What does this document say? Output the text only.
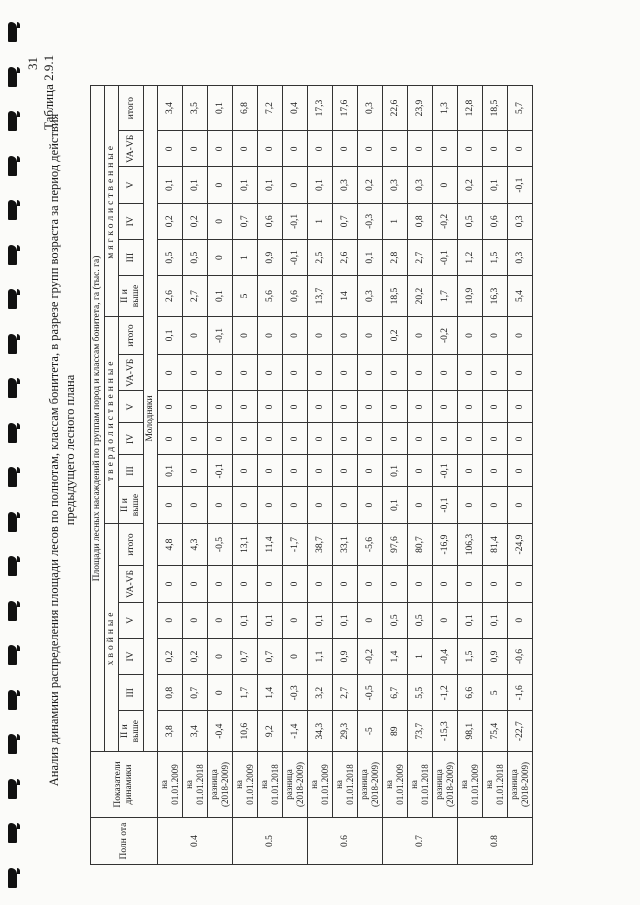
31 Таблица 2.9.1
Анализ динамики распределения площади лесов по полнотам, классам бонитета, в разрезе групп возраста за период действия предыдущего лесного плана
Полн ота	Показатели динамики	Площади лесных насаждений по группам пород и классам бонитета, га (тыс. га)																	
		хвойные						твердолиственные						мягколиственные					
		II и выше	III	IV	V	VA-VБ	итого	II и выше	III	IV	V	VA-VБ	итого	II и выше	III	IV	V	VA-VБ	итого
		Молодняки																	
0.4	на 01.01.2009	3,8	0,8	0,2	0	0	4,8	0	0,1	0	0	0	0,1	2,6	0,5	0,2	0,1	0	3,4

	на 01.01.2018	3,4	0,7	0,2	0	0	4,3	0	0	0	0	0	0	2,7	0,5	0,2	0,1	0	3,5

	разница (2018-2009)	-0,4	0	0	0	0	-0,5	0	-0,1	0	0	0	-0,1	0,1	0	0	0	0	0,1
0.5	на 01.01.2009	10,6	1,7	0,7	0,1	0	13,1	0	0	0	0	0	0	5	1	0,7	0,1	0	6,8

	на 01.01.2018	9,2	1,4	0,7	0,1	0	11,4	0	0	0	0	0	0	5,6	0,9	0,6	0,1	0	7,2

	разница (2018-2009)	-1,4	-0,3	0	0	0	-1,7	0	0	0	0	0	0	0,6	-0,1	-0,1	0	0	0,4
0.6	на 01.01.2009	34,3	3,2	1,1	0,1	0	38,7	0	0	0	0	0	0	13,7	2,5	1	0,1	0	17,3

	на 01.01.2018	29,3	2,7	0,9	0,1	0	33,1	0	0	0	0	0	0	14	2,6	0,7	0,3	0	17,6

	разница (2018-2009)	-5	-0,5	-0,2	0	0	-5,6	0	0	0	0	0	0	0,3	0,1	-0,3	0,2	0	0,3
0.7	на 01.01.2009	89	6,7	1,4	0,5	0	97,6	0,1	0,1	0	0	0	0,2	18,5	2,8	1	0,3	0	22,6

	на 01.01.2018	73,7	5,5	1	0,5	0	80,7	0	0	0	0	0	0	20,2	2,7	0,8	0,3	0	23,9

	разница (2018-2009)	-15,3	-1,2	-0,4	0	0	-16,9	-0,1	-0,1	0	0	0	-0,2	1,7	-0,1	-0,2	0	0	1,3
0.8	на 01.01.2009	98,1	6,6	1,5	0,1	0	106,3	0	0	0	0	0	0	10,9	1,2	0,5	0,2	0	12,8

	на 01.01.2018	75,4	5	0,9	0,1	0	81,4	0	0	0	0	0	0	16,3	1,5	0,6	0,1	0	18,5

	разница (2018-2009)	-22,7	-1,6	-0,6	0	0	-24,9	0	0	0	0	0	0	5,4	0,3	0,3	-0,1	0	5,7
